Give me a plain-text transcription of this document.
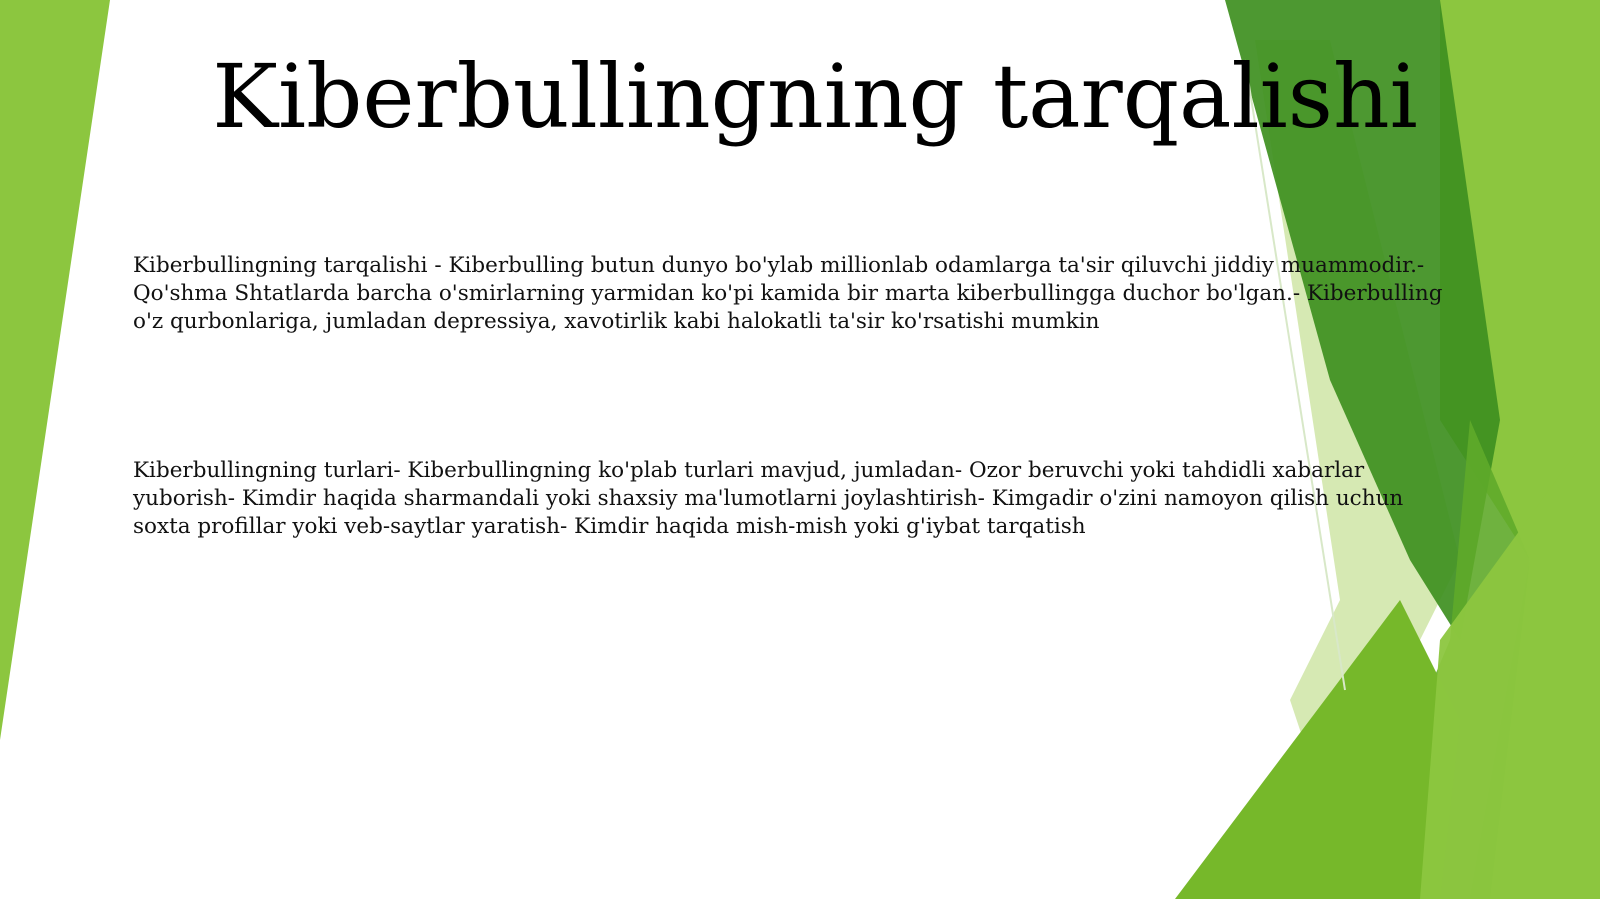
Kiberbullingning tarqalishi
Kiberbullingning tarqalishi - Kiberbulling butun dunyo bo'ylab millionlab odamlarga ta'sir qiluvchi jiddiy muammodir.-
Qo'shma Shtatlarda barcha o'smirlarning yarmidan ko'pi kamida bir marta kiberbullingga duchor bo'lgan.- Kiberbulling
o'z qurbonlariga, jumladan depressiya, xavotirlik kabi halokatli ta'sir ko'rsatishi mumkin
Kiberbullingning turlari- Kiberbullingning ko'plab turlari mavjud, jumladan- Ozor beruvchi yoki tahdidli xabarlar
yuborish- Kimdir haqida sharmandali yoki shaxsiy ma'lumotlarni joylashtirish- Kimgadir o'zini namoyon qilish uchun
soxta profillar yoki veb-saytlar yaratish- Kimdir haqida mish-mish yoki g'iybat tarqatish
